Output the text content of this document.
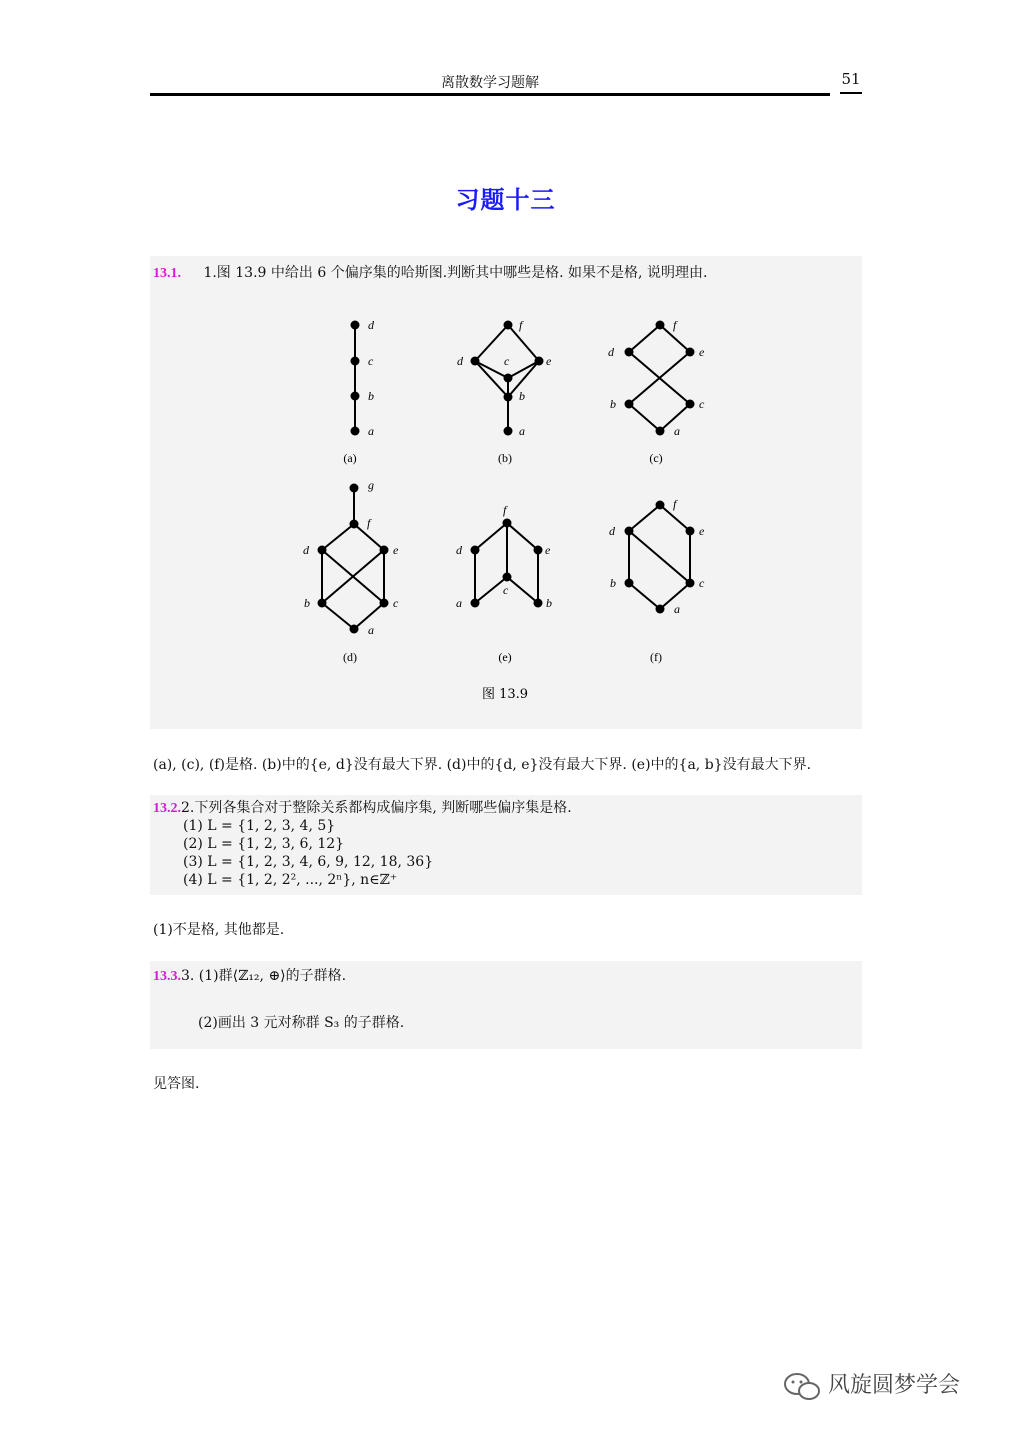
离散数学习题解	51
习题十三
13.1. 1.图 13.9 中给出 6 个偏序集的哈斯图.判断其中哪些是格. 如果不是格, 说明理由.
d
c
b
a
f
d	c	e
b
a
f
d	e
b	c
a
g
f
d	e
b	c
a
f
d	e
c
a	b
f
d	e
b	c
a
(a)	(b)	(c)
(d)	(e)	(f)
图 13.9
(a), (c), (f)是格. (b)中的{e, d}没有最大下界. (d)中的{d, e}没有最大下界. (e)中的{a, b}没有最大下界.
13.2.2.下列各集合对于整除关系都构成偏序集, 判断哪些偏序集是格.
(1) L = {1, 2, 3, 4, 5}
(2) L = {1, 2, 3, 6, 12}
(3) L = {1, 2, 3, 4, 6, 9, 12, 18, 36}
(4) L = {1, 2, 2², ..., 2ⁿ}, n∈ℤ⁺
(1)不是格, 其他都是.
13.3.3. (1)群⟨ℤ₁₂, ⊕⟩的子群格.
(2)画出 3 元对称群 S₃ 的子群格.
见答图.
风旋圆梦学会
